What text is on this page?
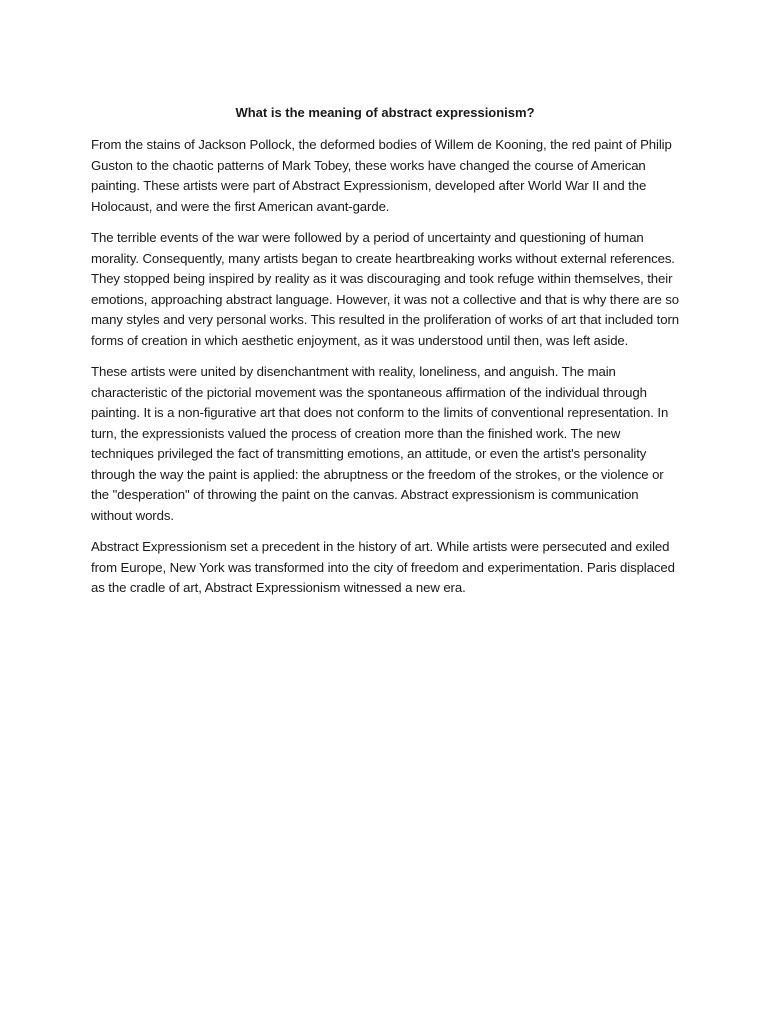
What is the meaning of abstract expressionism?

From the stains of Jackson Pollock, the deformed bodies of Willem de Kooning, the red paint of Philip Guston to the chaotic patterns of Mark Tobey, these works have changed the course of American painting. These artists were part of Abstract Expressionism, developed after World War II and the Holocaust, and were the first American avant-garde.

The terrible events of the war were followed by a period of uncertainty and questioning of human morality. Consequently, many artists began to create heartbreaking works without external references. They stopped being inspired by reality as it was discouraging and took refuge within themselves, their emotions, approaching abstract language. However, it was not a collective and that is why there are so many styles and very personal works. This resulted in the proliferation of works of art that included torn forms of creation in which aesthetic enjoyment, as it was understood until then, was left aside.

These artists were united by disenchantment with reality, loneliness, and anguish. The main characteristic of the pictorial movement was the spontaneous affirmation of the individual through painting. It is a non-figurative art that does not conform to the limits of conventional representation. In turn, the expressionists valued the process of creation more than the finished work. The new techniques privileged the fact of transmitting emotions, an attitude, or even the artist's personality through the way the paint is applied: the abruptness or the freedom of the strokes, or the violence or the "desperation" of throwing the paint on the canvas. Abstract expressionism is communication without words.

Abstract Expressionism set a precedent in the history of art. While artists were persecuted and exiled from Europe, New York was transformed into the city of freedom and experimentation. Paris displaced as the cradle of art, Abstract Expressionism witnessed a new era.
